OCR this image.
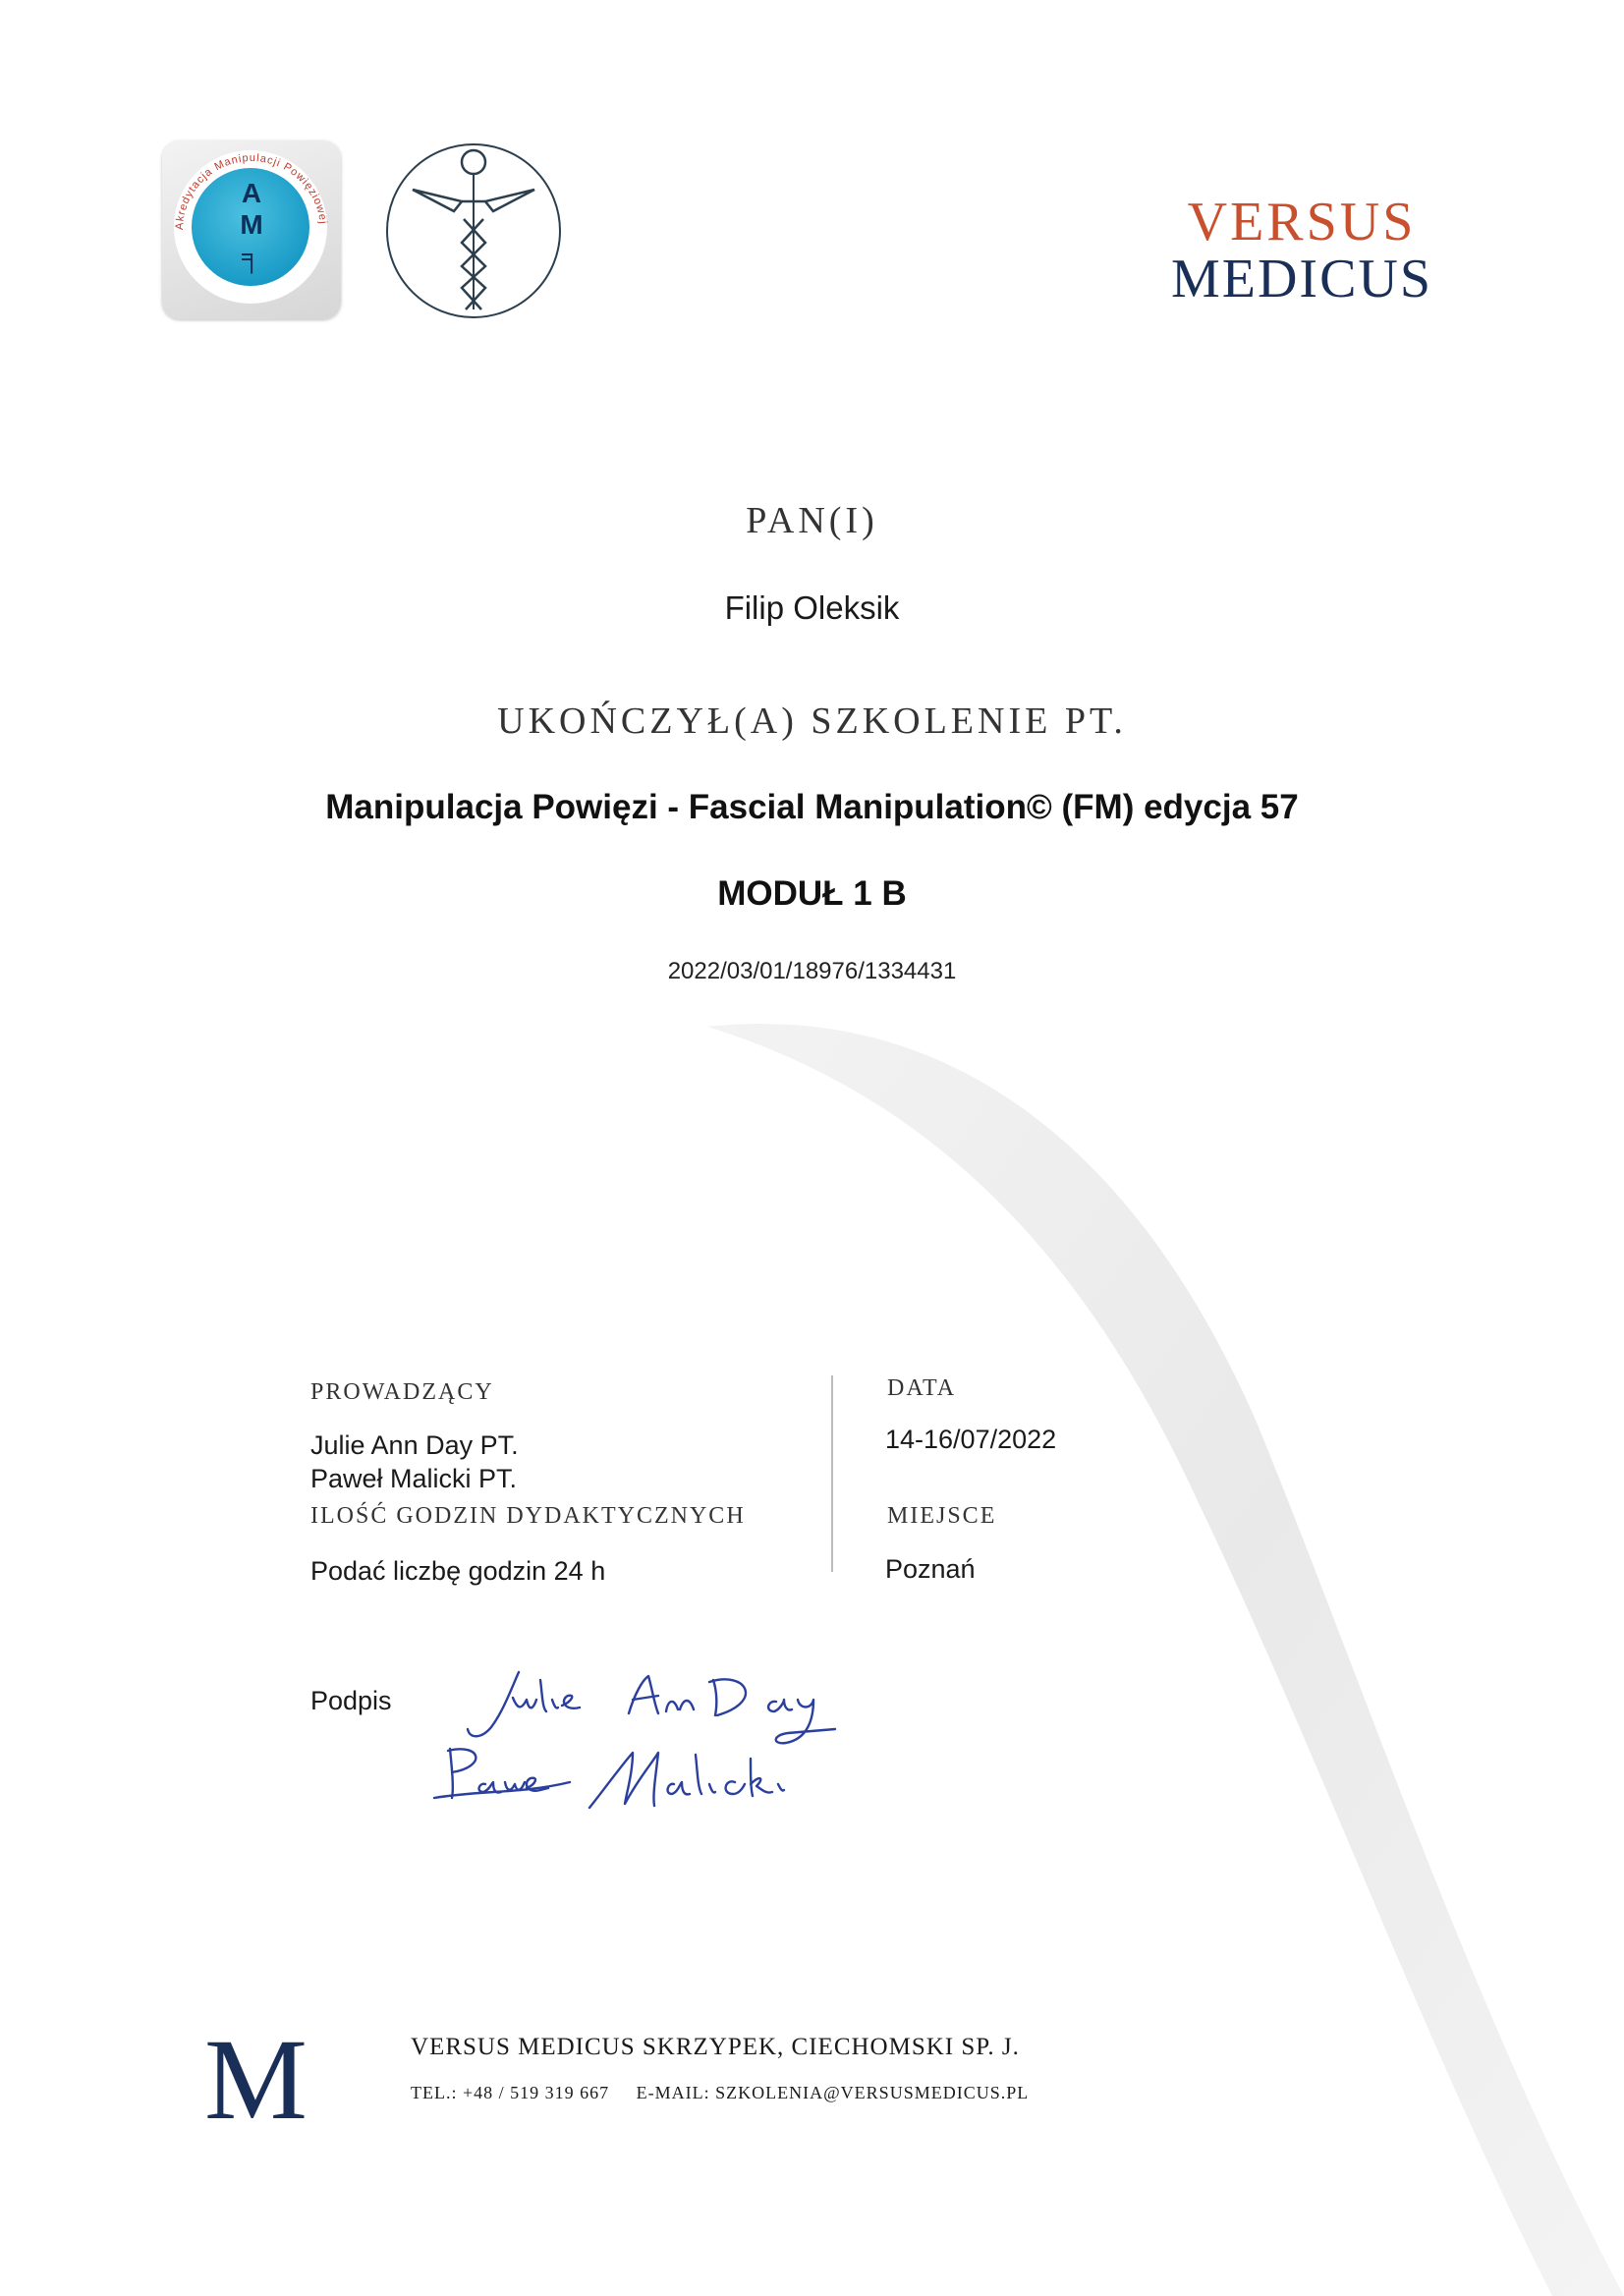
Akredytacja Manipulacji Powięziowej
A
M
╕
VERSUS
MEDICUS
PAN(I)
Filip Oleksik
UKOŃCZYŁ(A) SZKOLENIE PT.
Manipulacja Powięzi - Fascial Manipulation© (FM) edycja 57
MODUŁ 1 B
2022/03/01/18976/1334431
PROWADZĄCY
Julie Ann Day PT.
Paweł Malicki PT.
ILOŚĆ GODZIN DYDAKTYCZNYCH
Podać liczbę godzin 24 h
DATA
14-16/07/2022
MIEJSCE
Poznań
Podpis
M	VERSUS MEDICUS SKRZYPEK, CIECHOMSKI SP. J.
TEL.: +48 / 519 319 667     E-MAIL: SZKOLENIA@VERSUSMEDICUS.PL
